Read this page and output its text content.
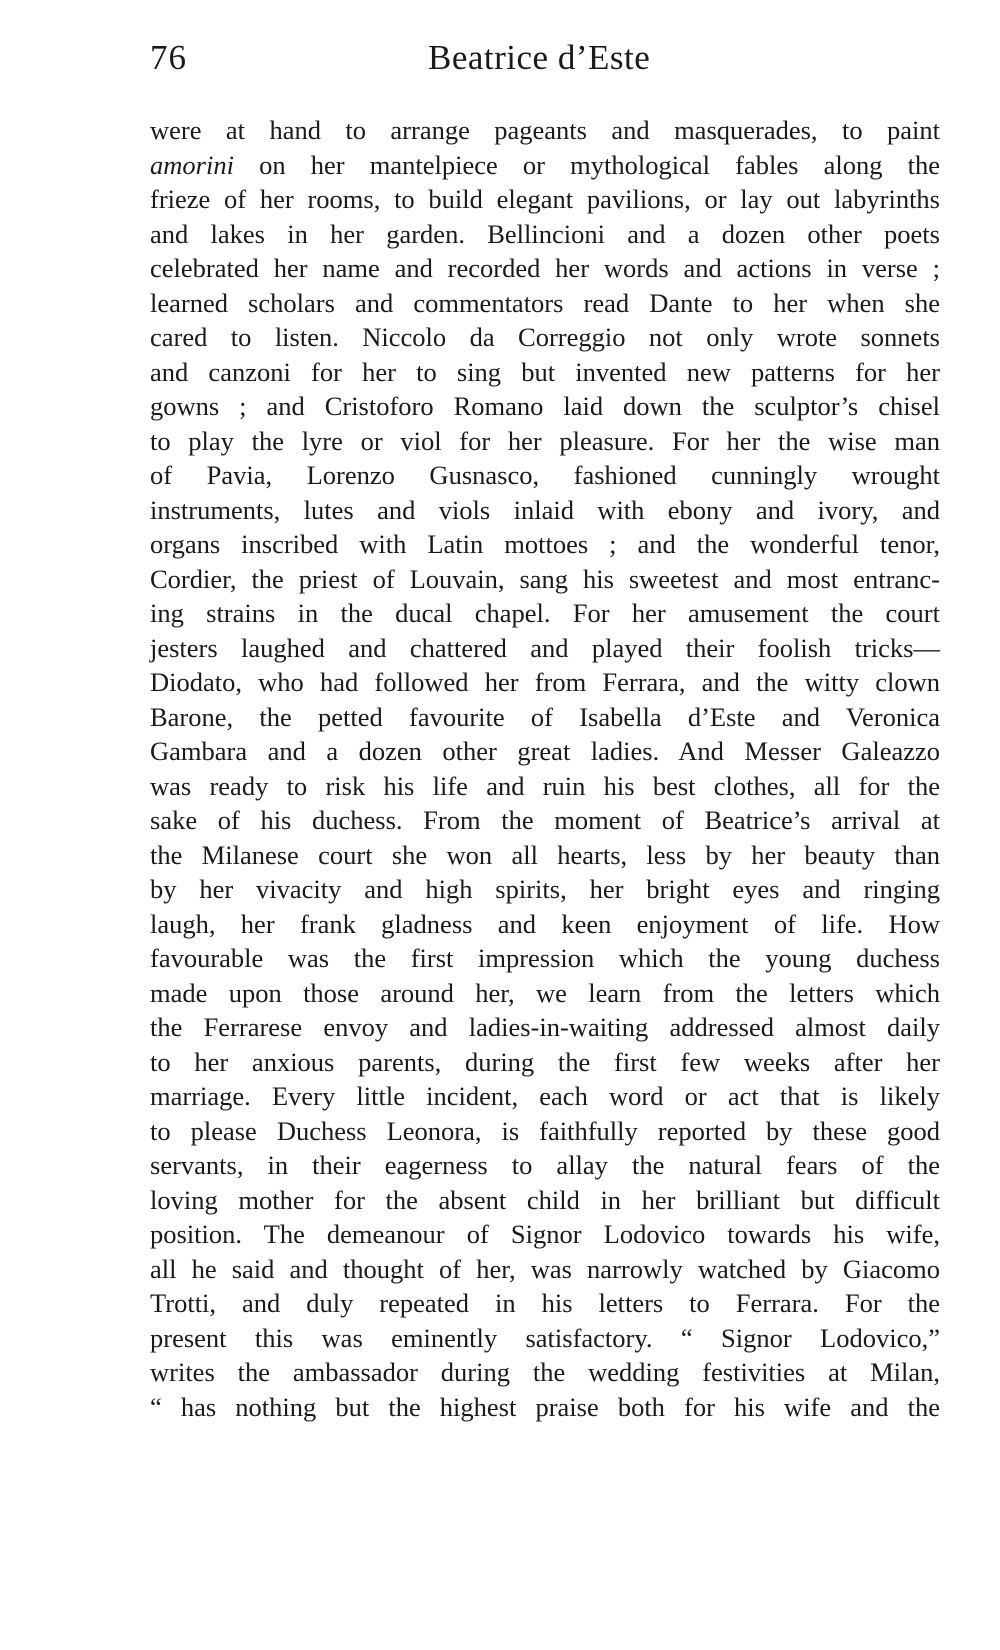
76	Beatrice d’Este
were at hand to arrange pageants and masquerades, to paint
amorini on her mantelpiece or mythological fables along the
frieze of her rooms, to build elegant pavilions, or lay out labyrinths
and lakes in her garden. Bellincioni and a dozen other poets
celebrated her name and recorded her words and actions in verse ;
learned scholars and commentators read Dante to her when she
cared to listen. Niccolo da Correggio not only wrote sonnets
and canzoni for her to sing but invented new patterns for her
gowns ; and Cristoforo Romano laid down the sculptor’s chisel
to play the lyre or viol for her pleasure. For her the wise man
of Pavia, Lorenzo Gusnasco, fashioned cunningly wrought
instruments, lutes and viols inlaid with ebony and ivory, and
organs inscribed with Latin mottoes ; and the wonderful tenor,
Cordier, the priest of Louvain, sang his sweetest and most entranc-
ing strains in the ducal chapel. For her amusement the court
jesters laughed and chattered and played their foolish tricks—
Diodato, who had followed her from Ferrara, and the witty clown
Barone, the petted favourite of Isabella d’Este and Veronica
Gambara and a dozen other great ladies. And Messer Galeazzo
was ready to risk his life and ruin his best clothes, all for the
sake of his duchess. From the moment of Beatrice’s arrival at
the Milanese court she won all hearts, less by her beauty than
by her vivacity and high spirits, her bright eyes and ringing
laugh, her frank gladness and keen enjoyment of life. How
favourable was the first impression which the young duchess
made upon those around her, we learn from the letters which
the Ferrarese envoy and ladies-in-waiting addressed almost daily
to her anxious parents, during the first few weeks after her
marriage. Every little incident, each word or act that is likely
to please Duchess Leonora, is faithfully reported by these good
servants, in their eagerness to allay the natural fears of the
loving mother for the absent child in her brilliant but difficult
position. The demeanour of Signor Lodovico towards his wife,
all he said and thought of her, was narrowly watched by Giacomo
Trotti, and duly repeated in his letters to Ferrara. For the
present this was eminently satisfactory. “ Signor Lodovico,”
writes the ambassador during the wedding festivities at Milan,
“ has nothing but the highest praise both for his wife and the
